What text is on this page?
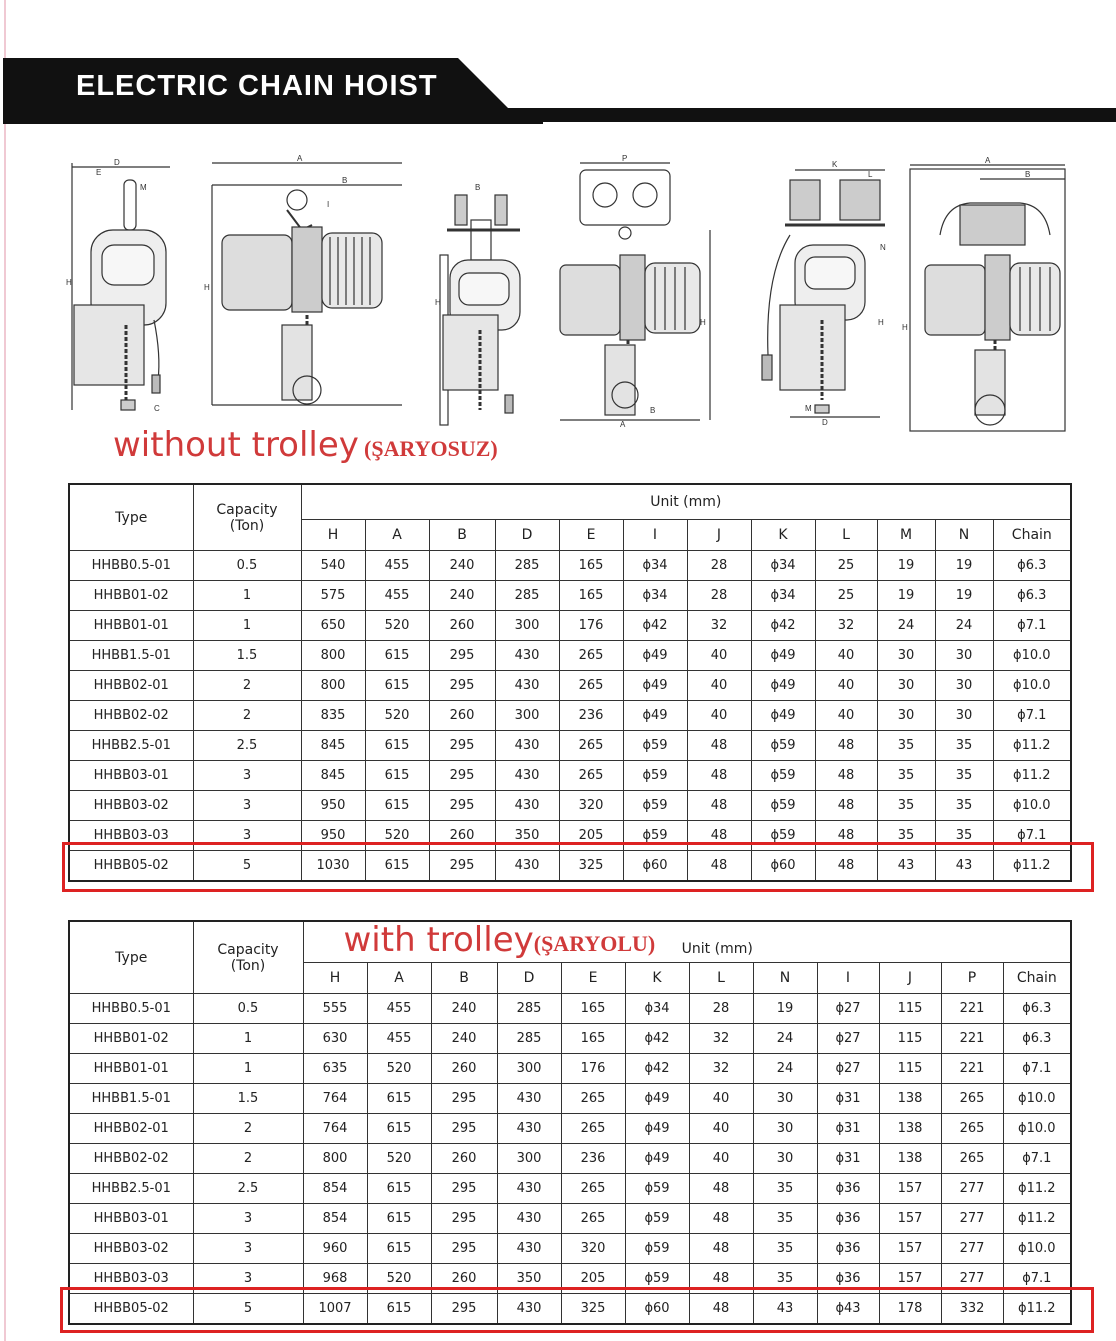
ELECTRIC CHAIN HOIST
D
E
M
H
C
A
B
I
H
B
H
P
H
A
B
K
L
N
H
M
D
A
B
H
without trolley (ŞARYOSUZ)
Type	Capacity
(Ton)	Unit (mm)											
		H	A	B	D	E	I	J	K	L	M	N	Chain
HHBB0.5-01	0.5	540	455	240	285	165	ϕ34	28	ϕ34	25	19	19	ϕ6.3
HHBB01-02	1	575	455	240	285	165	ϕ34	28	ϕ34	25	19	19	ϕ6.3
HHBB01-01	1	650	520	260	300	176	ϕ42	32	ϕ42	32	24	24	ϕ7.1
HHBB1.5-01	1.5	800	615	295	430	265	ϕ49	40	ϕ49	40	30	30	ϕ10.0
HHBB02-01	2	800	615	295	430	265	ϕ49	40	ϕ49	40	30	30	ϕ10.0
HHBB02-02	2	835	520	260	300	236	ϕ49	40	ϕ49	40	30	30	ϕ7.1
HHBB2.5-01	2.5	845	615	295	430	265	ϕ59	48	ϕ59	48	35	35	ϕ11.2
HHBB03-01	3	845	615	295	430	265	ϕ59	48	ϕ59	48	35	35	ϕ11.2
HHBB03-02	3	950	615	295	430	320	ϕ59	48	ϕ59	48	35	35	ϕ10.0
HHBB03-03	3	950	520	260	350	205	ϕ59	48	ϕ59	48	35	35	ϕ7.1
HHBB05-02	5	1030	615	295	430	325	ϕ60	48	ϕ60	48	43	43	ϕ11.2
Type	Capacity
(Ton)	with trolley(ŞARYOLU) Unit (mm)											
		H	A	B	D	E	K	L	N	I	J	P	Chain
HHBB0.5-01	0.5	555	455	240	285	165	ϕ34	28	19	ϕ27	115	221	ϕ6.3
HHBB01-02	1	630	455	240	285	165	ϕ42	32	24	ϕ27	115	221	ϕ6.3
HHBB01-01	1	635	520	260	300	176	ϕ42	32	24	ϕ27	115	221	ϕ7.1
HHBB1.5-01	1.5	764	615	295	430	265	ϕ49	40	30	ϕ31	138	265	ϕ10.0
HHBB02-01	2	764	615	295	430	265	ϕ49	40	30	ϕ31	138	265	ϕ10.0
HHBB02-02	2	800	520	260	300	236	ϕ49	40	30	ϕ31	138	265	ϕ7.1
HHBB2.5-01	2.5	854	615	295	430	265	ϕ59	48	35	ϕ36	157	277	ϕ11.2
HHBB03-01	3	854	615	295	430	265	ϕ59	48	35	ϕ36	157	277	ϕ11.2
HHBB03-02	3	960	615	295	430	320	ϕ59	48	35	ϕ36	157	277	ϕ10.0
HHBB03-03	3	968	520	260	350	205	ϕ59	48	35	ϕ36	157	277	ϕ7.1
HHBB05-02	5	1007	615	295	430	325	ϕ60	48	43	ϕ43	178	332	ϕ11.2
